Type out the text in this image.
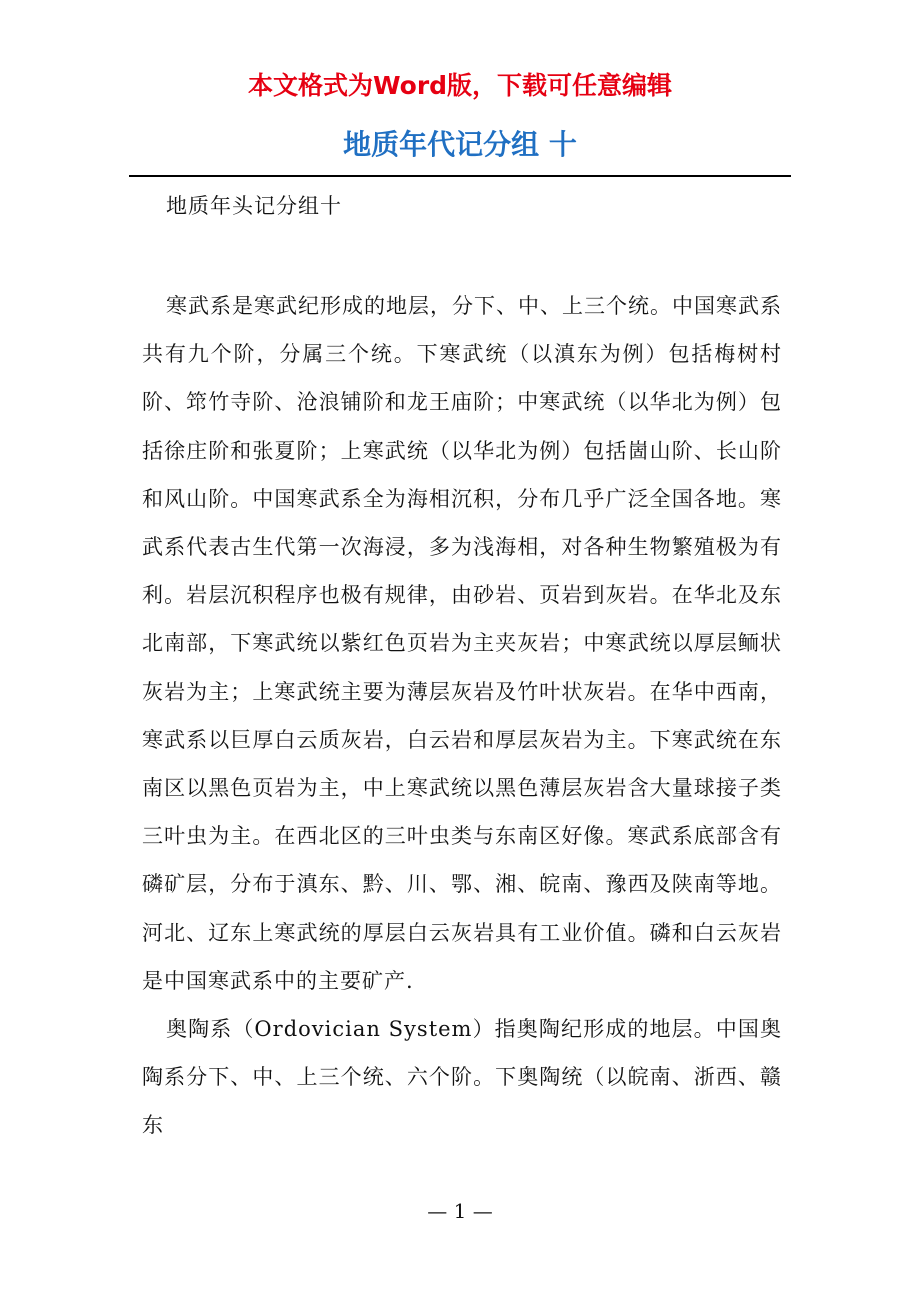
本文格式为Word版，下载可任意编辑
地质年代记分组 十
地质年头记分组十

寒武系是寒武纪形成的地层，分下、中、上三个统。中国寒武系共有九个阶，分属三个统。下寒武统（以滇东为例）包括梅树村阶、筇竹寺阶、沧浪铺阶和龙王庙阶；中寒武统（以华北为例）包括徐庄阶和张夏阶；上寒武统（以华北为例）包括崮山阶、长山阶和风山阶。中国寒武系全为海相沉积，分布几乎广泛全国各地。寒武系代表古生代第一次海浸，多为浅海相，对各种生物繁殖极为有利。岩层沉积程序也极有规律，由砂岩、页岩到灰岩。在华北及东北南部，下寒武统以紫红色页岩为主夹灰岩；中寒武统以厚层鲕状灰岩为主；上寒武统主要为薄层灰岩及竹叶状灰岩。在华中西南，寒武系以巨厚白云质灰岩，白云岩和厚层灰岩为主。下寒武统在东南区以黑色页岩为主，中上寒武统以黑色薄层灰岩含大量球接子类三叶虫为主。在西北区的三叶虫类与东南区好像。寒武系底部含有磷矿层，分布于滇东、黔、川、鄂、湘、皖南、豫西及陕南等地。河北、辽东上寒武统的厚层白云灰岩具有工业价值。磷和白云灰岩是中国寒武系中的主要矿产.

奥陶系（Ordovician System）指奥陶纪形成的地层。中国奥陶系分下、中、上三个统、六个阶。下奥陶统（以皖南、浙西、赣东

— 1 —
